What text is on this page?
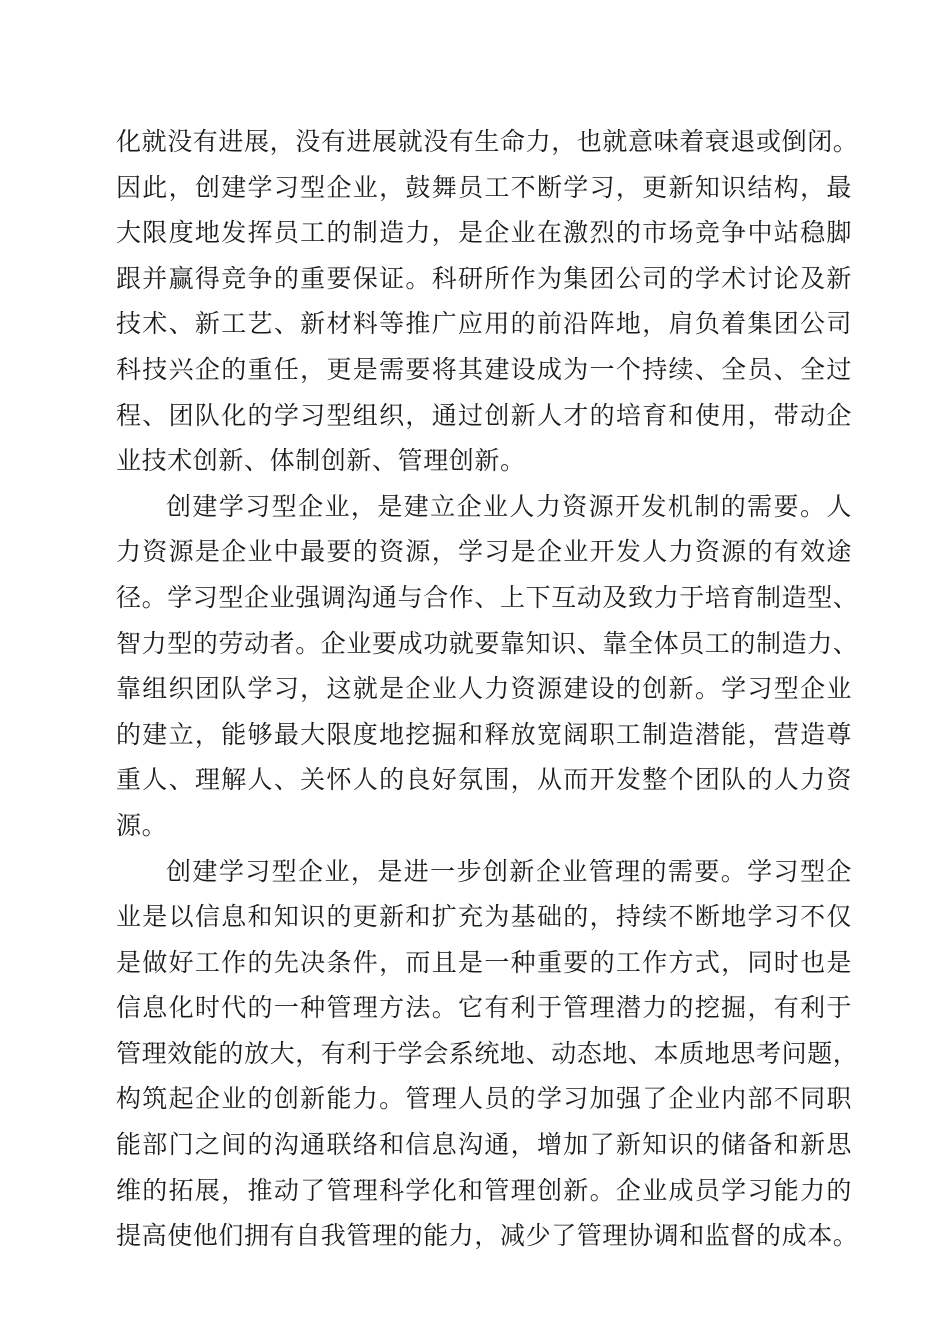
化就没有进展，没有进展就没有生命力，也就意味着衰退或倒闭。
因此，创建学习型企业，鼓舞员工不断学习，更新知识结构，最
大限度地发挥员工的制造力，是企业在激烈的市场竞争中站稳脚
跟并赢得竞争的重要保证。科研所作为集团公司的学术讨论及新
技术、新工艺、新材料等推广应用的前沿阵地，肩负着集团公司
科技兴企的重任，更是需要将其建设成为一个持续、全员、全过
程、团队化的学习型组织，通过创新人才的培育和使用，带动企
业技术创新、体制创新、管理创新。
创建学习型企业，是建立企业人力资源开发机制的需要。人
力资源是企业中最要的资源，学习是企业开发人力资源的有效途
径。学习型企业强调沟通与合作、上下互动及致力于培育制造型、
智力型的劳动者。企业要成功就要靠知识、靠全体员工的制造力、
靠组织团队学习，这就是企业人力资源建设的创新。学习型企业
的建立，能够最大限度地挖掘和释放宽阔职工制造潜能，营造尊
重人、理解人、关怀人的良好氛围，从而开发整个团队的人力资
源。
创建学习型企业，是进一步创新企业管理的需要。学习型企
业是以信息和知识的更新和扩充为基础的，持续不断地学习不仅
是做好工作的先决条件，而且是一种重要的工作方式，同时也是
信息化时代的一种管理方法。它有利于管理潜力的挖掘，有利于
管理效能的放大，有利于学会系统地、动态地、本质地思考问题，
构筑起企业的创新能力。管理人员的学习加强了企业内部不同职
能部门之间的沟通联络和信息沟通，增加了新知识的储备和新思
维的拓展，推动了管理科学化和管理创新。企业成员学习能力的
提高使他们拥有自我管理的能力，减少了管理协调和监督的成本。
